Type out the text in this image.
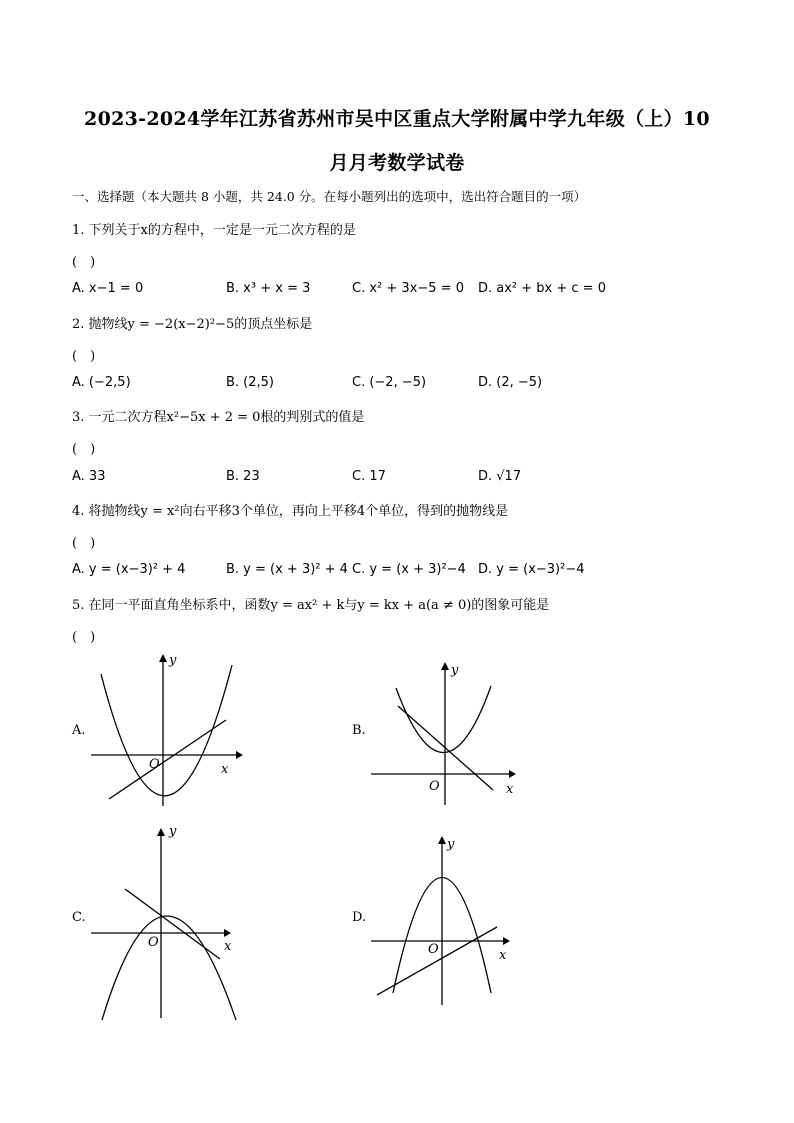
2023-2024学年江苏省苏州市吴中区重点大学附属中学九年级（上）10
月月考数学试卷
一、选择题（本大题共 8 小题，共 24.0 分。在每小题列出的选项中，选出符合题目的一项）
1. 下列关于x的方程中，一定是一元二次方程的是
(　)
A. x−1 = 0	B. x³ + x = 3	C. x² + 3x−5 = 0 D. ax² + bx + c = 0
2. 抛物线y = −2(x−2)²−5的顶点坐标是
(　)
A. (−2,5)	B. (2,5)	C. (−2, −5)	D. (2, −5)
3. 一元二次方程x²−5x + 2 = 0根的判别式的值是
(　)
A. 33	B. 23	C. 17	D. √17
4. 将抛物线y = x²向右平移3个单位，再向上平移4个单位，得到的抛物线是
(　)
A. y = (x−3)² + 4	B. y = (x + 3)² + 4 C. y = (x + 3)²−4 D. y = (x−3)²−4
5. 在同一平面直角坐标系中，函数y = ax² + k与y = kx + a(a ≠ 0)的图象可能是
(　)
A.
x
y
O
B.
x
y
O
C.
x
y
O
D.
x
y
O
